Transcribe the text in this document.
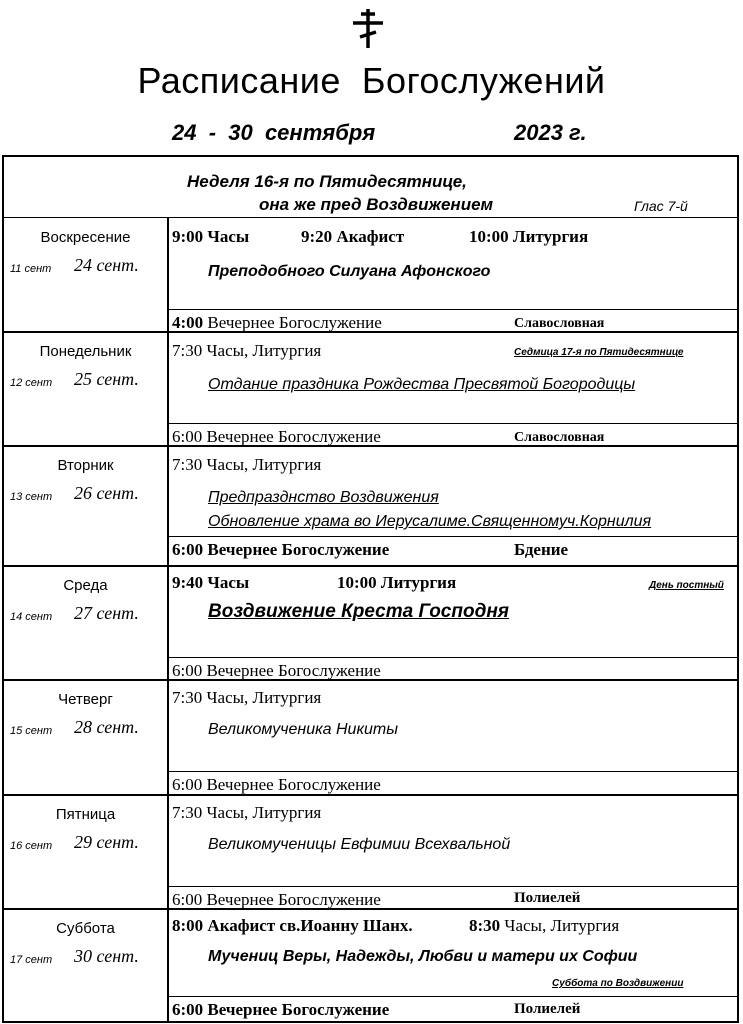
Расписание  Богослужений
24  -  30  сентября	2023 г.
Неделя 16-я по Пятидесятнице,
она же пред Воздвижением	Глас 7-й
Воскресение
11 сент 24 сент.
9:00 Часы	9:20 Акафист	10:00 Литургия
Преподобного Силуана Афонского
4:00 Вечернее Богослужение	Славословная
Понедельник
12 сент 25 сент.
7:30 Часы, Литургия	Седмица 17-я по Пятидесятнице
Отдание праздника Рождества Пресвятой Богородицы
6:00 Вечернее Богослужение	Славословная
Вторник
13 сент 26 сент.
7:30 Часы, Литургия
Предпразднство Воздвижения
Обновление храма во Иерусалиме.Священномуч.Корнилия
6:00 Вечернее Богослужение	Бдение
Среда
14 сент 27 сент.
9:40 Часы	10:00 Литургия	День постный
Воздвижение Креста Господня
6:00 Вечернее Богослужение
Четверг
15 сент 28 сент.
7:30 Часы, Литургия
Великомученика Никиты
6:00 Вечернее Богослужение
Пятница
16 сент 29 сент.
7:30 Часы, Литургия
Великомученицы Евфимии Всехвальной
6:00 Вечернее Богослужение	Полиелей
Суббота
17 сент 30 сент.
8:00 Акафист св.Иоанну Шанх.	8:30 Часы, Литургия
Мучениц Веры, Надежды, Любви и матери их Софии
Суббота по Воздвижении
6:00 Вечернее Богослужение	Полиелей
